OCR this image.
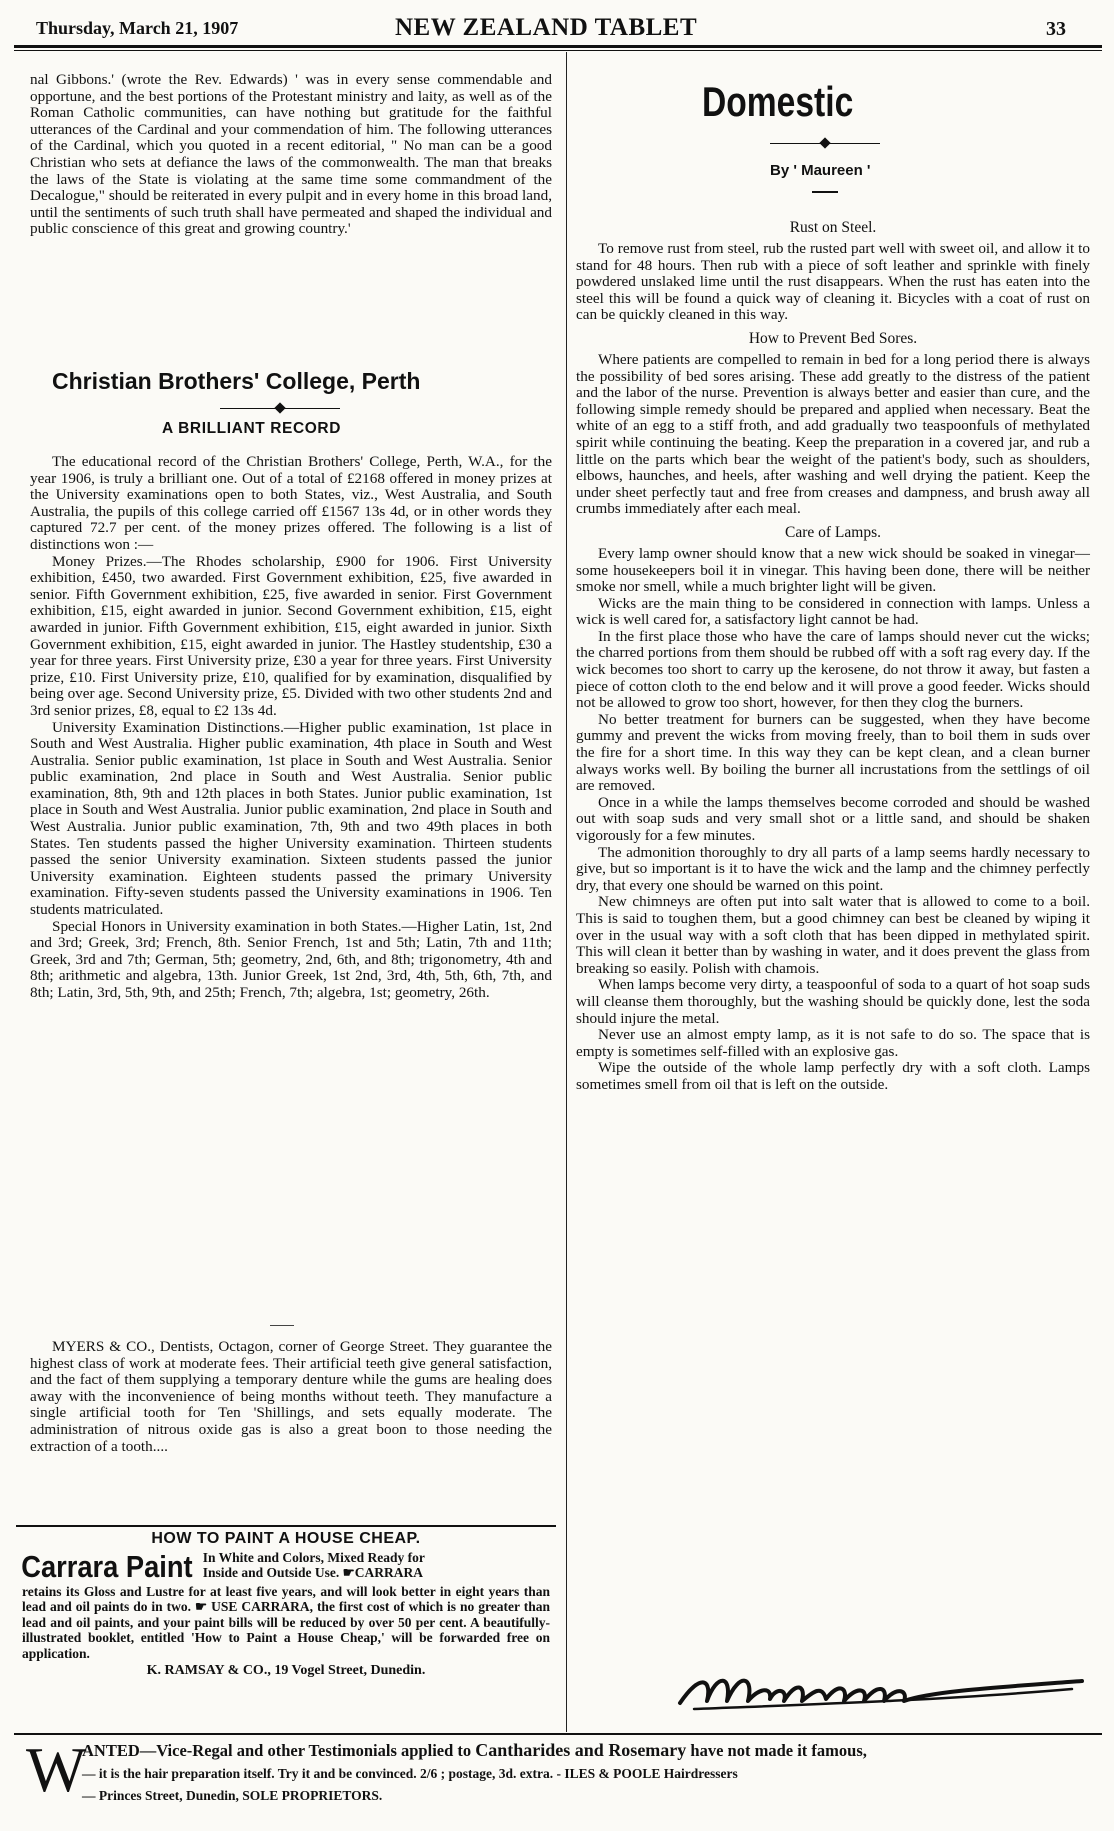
Thursday, March 21, 1907	NEW ZEALAND TABLET	33

nal Gibbons.' (wrote the Rev. Edwards) ' was in every sense commendable and opportune, and the best portions of the Protestant ministry and laity, as well as of the Roman Catholic communities, can have nothing but gratitude for the faithful utterances of the Cardinal and your commendation of him. The following utterances of the Cardinal, which you quoted in a recent editorial, " No man can be a good Christian who sets at defiance the laws of the commonwealth. The man that breaks the laws of the State is violating at the same time some commandment of the Decalogue," should be reiterated in every pulpit and in every home in this broad land, until the sentiments of such truth shall have permeated and shaped the individual and public conscience of this great and growing country.'

Christian Brothers' College, Perth
A BRILLIANT RECORD

The educational record of the Christian Brothers' College, Perth, W.A., for the year 1906, is truly a brilliant one. Out of a total of £2168 offered in money prizes at the University examinations open to both States, viz., West Australia, and South Australia, the pupils of this college carried off £1567 13s 4d, or in other words they captured 72.7 per cent. of the money prizes offered. The following is a list of distinctions won :—

Money Prizes.—The Rhodes scholarship, £900 for 1906. First University exhibition, £450, two awarded. First Government exhibition, £25, five awarded in senior. Fifth Government exhibition, £25, five awarded in senior. First Government exhibition, £15, eight awarded in junior. Second Government exhibition, £15, eight awarded in junior. Fifth Government exhibition, £15, eight awarded in junior. Sixth Government exhibition, £15, eight awarded in junior. The Hastley studentship, £30 a year for three years. First University prize, £30 a year for three years. First University prize, £10. First University prize, £10, qualified for by examination, disqualified by being over age. Second University prize, £5. Divided with two other students 2nd and 3rd senior prizes, £8, equal to £2 13s 4d.

University Examination Distinctions.—Higher public examination, 1st place in South and West Australia. Higher public examination, 4th place in South and West Australia. Senior public examination, 1st place in South and West Australia. Senior public examination, 2nd place in South and West Australia. Senior public examination, 8th, 9th and 12th places in both States. Junior public examination, 1st place in South and West Australia. Junior public examination, 2nd place in South and West Australia. Junior public examination, 7th, 9th and two 49th places in both States. Ten students passed the higher University examination. Thirteen students passed the senior University examination. Sixteen students passed the junior University examination. Eighteen students passed the primary University examination. Fifty-seven students passed the University examinations in 1906. Ten students matriculated.

Special Honors in University examination in both States.—Higher Latin, 1st, 2nd and 3rd; Greek, 3rd; French, 8th. Senior French, 1st and 5th; Latin, 7th and 11th; Greek, 3rd and 7th; German, 5th; geometry, 2nd, 6th, and 8th; trigonometry, 4th and 8th; arithmetic and algebra, 13th. Junior Greek, 1st 2nd, 3rd, 4th, 5th, 6th, 7th, and 8th; Latin, 3rd, 5th, 9th, and 25th; French, 7th; algebra, 1st; geometry, 26th.

MYERS & CO., Dentists, Octagon, corner of George Street. They guarantee the highest class of work at moderate fees. Their artificial teeth give general satisfaction, and the fact of them supplying a temporary denture while the gums are healing does away with the inconvenience of being months without teeth. They manufacture a single artificial tooth for Ten 'Shillings, and sets equally moderate. The administration of nitrous oxide gas is also a great boon to those needing the extraction of a tooth....

HOW TO PAINT A HOUSE CHEAP.
Carrara Paint In White and Colors, Mixed Ready for
Inside and Outside Use. ☛CARRARA

retains its Gloss and Lustre for at least five years, and will look better in eight years than lead and oil paints do in two. ☛ USE CARRARA, the first cost of which is no greater than lead and oil paints, and your paint bills will be reduced by over 50 per cent. A beautifully-illustrated booklet, entitled 'How to Paint a House Cheap,' will be forwarded free on application.

K. RAMSAY & CO., 19 Vogel Street, Dunedin.
Domestic
By ' Maureen '
Rust on Steel.

To remove rust from steel, rub the rusted part well with sweet oil, and allow it to stand for 48 hours. Then rub with a piece of soft leather and sprinkle with finely powdered unslaked lime until the rust disappears. When the rust has eaten into the steel this will be found a quick way of cleaning it. Bicycles with a coat of rust on can be quickly cleaned in this way.

How to Prevent Bed Sores.

Where patients are compelled to remain in bed for a long period there is always the possibility of bed sores arising. These add greatly to the distress of the patient and the labor of the nurse. Prevention is always better and easier than cure, and the following simple remedy should be prepared and applied when necessary. Beat the white of an egg to a stiff froth, and add gradually two teaspoonfuls of methylated spirit while continuing the beating. Keep the preparation in a covered jar, and rub a little on the parts which bear the weight of the patient's body, such as shoulders, elbows, haunches, and heels, after washing and well drying the patient. Keep the under sheet perfectly taut and free from creases and dampness, and brush away all crumbs immediately after each meal.

Care of Lamps.

Every lamp owner should know that a new wick should be soaked in vinegar—some housekeepers boil it in vinegar. This having been done, there will be neither smoke nor smell, while a much brighter light will be given.

Wicks are the main thing to be considered in connection with lamps. Unless a wick is well cared for, a satisfactory light cannot be had.

In the first place those who have the care of lamps should never cut the wicks; the charred portions from them should be rubbed off with a soft rag every day. If the wick becomes too short to carry up the kerosene, do not throw it away, but fasten a piece of cotton cloth to the end below and it will prove a good feeder. Wicks should not be allowed to grow too short, however, for then they clog the burners.

No better treatment for burners can be suggested, when they have become gummy and prevent the wicks from moving freely, than to boil them in suds over the fire for a short time. In this way they can be kept clean, and a clean burner always works well. By boiling the burner all incrustations from the settlings of oil are removed.

Once in a while the lamps themselves become corroded and should be washed out with soap suds and very small shot or a little sand, and should be shaken vigorously for a few minutes.

The admonition thoroughly to dry all parts of a lamp seems hardly necessary to give, but so important is it to have the wick and the lamp and the chimney perfectly dry, that every one should be warned on this point.

New chimneys are often put into salt water that is allowed to come to a boil. This is said to toughen them, but a good chimney can best be cleaned by wiping it over in the usual way with a soft cloth that has been dipped in methylated spirit. This will clean it better than by washing in water, and it does prevent the glass from breaking so easily. Polish with chamois.

When lamps become very dirty, a teaspoonful of soda to a quart of hot soap suds will cleanse them thoroughly, but the washing should be quickly done, lest the soda should injure the metal.

Never use an almost empty lamp, as it is not safe to do so. The space that is empty is sometimes self-filled with an explosive gas.

Wipe the outside of the whole lamp perfectly dry with a soft cloth. Lamps sometimes smell from oil that is left on the outside.

W
ANTED—Vice-Regal and other Testimonials applied to Cantharides and Rosemary have not made it famous,
— it is the hair preparation itself. Try it and be convinced. 2/6 ; postage, 3d. extra. - ILES & POOLE Hairdressers
— Princes Street, Dunedin, SOLE PROPRIETORS.
